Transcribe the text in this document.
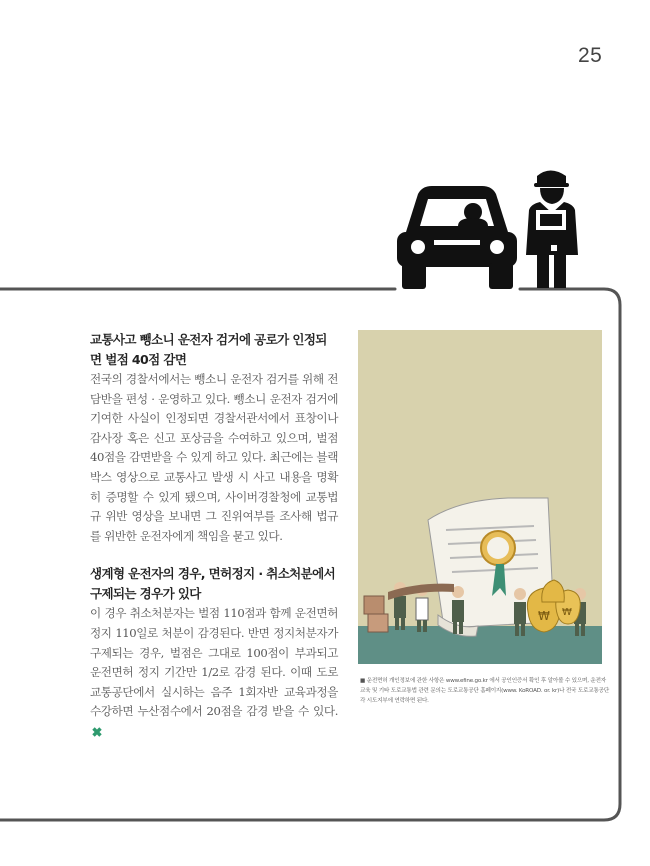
25
교통사고 뺑소니 운전자 검거에 공로가 인정되면 벌점 40점 감면

전국의 경찰서에서는 뺑소니 운전자 검거를 위해 전담반을 편성 · 운영하고 있다. 뺑소니 운전자 검거에 기여한 사실이 인정되면 경찰서관서에서 표창이나 감사장 혹은 신고 포상금을 수여하고 있으며, 벌점 40점을 감면받을 수 있게 하고 있다. 최근에는 블랙박스 영상으로 교통사고 발생 시 사고 내용을 명확히 증명할 수 있게 됐으며, 사이버경찰청에 교통법규 위반 영상을 보내면 그 진위여부를 조사해 법규를 위반한 운전자에게 책임을 묻고 있다.

생계형 운전자의 경우, 면허정지 · 취소처분에서 구제되는 경우가 있다

이 경우 취소처분자는 벌점 110점과 함께 운전면허 정지 110일로 처분이 감경된다. 반면 정지처분자가 구제되는 경우, 벌점은 그대로 100점이 부과되고 운전면허 정지 기간만 1/2로 감경 된다. 이때 도로교통공단에서 실시하는 음주 1회자반 교육과정을 수강하면 누산점수에서 20점을 감경 받을 수 있다.

₩ ₩
■ 운전면허 개인정보에 관한 사항은 www.efine.go.kr 에서 공인인증서 확인 후 알아볼 수 있으며, 운전자 교육 및 기타 도로교통법 관련 문의는 도로교통공단 홈페이지(www. KoROAD. or. kr)나 전국 도로교통공단 각 시도지부에 연락하면 된다.
